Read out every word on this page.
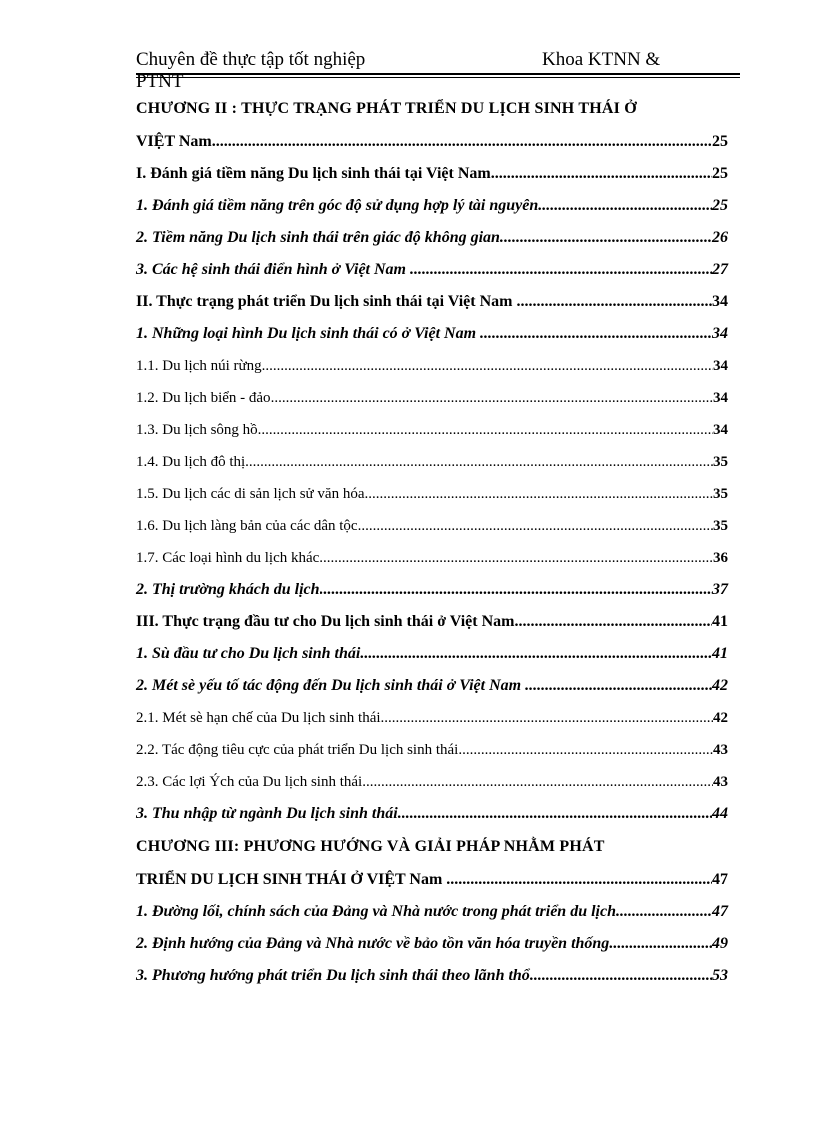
Chuyên đề thực tập tốt nghiệp
PTNT
Khoa KTNN &
CHƯƠNG II : THỰC TRẠNG PHÁT TRIỂN DU LỊCH SINH THÁI Ở
VIỆT Nam .....	25
I. Đánh giá tiềm năng Du lịch sinh thái tại Việt Nam .....	25
1. Đánh giá tiềm năng trên góc độ sử dụng hợp lý tài nguyên. .....	25
2. Tiềm năng Du lịch sinh thái trên giác độ không gian. .....	26
3. Các hệ sinh thái điển hình ở Việt Nam . .....	27
II. Thực trạng phát triển Du lịch sinh thái tại Việt Nam . .....	34
1. Những loại hình Du lịch sinh thái có ở Việt Nam . .....	34
1.1. Du lịch núi rừng .....	34
1.2. Du lịch biển - đảo .....	34
1.3. Du lịch sông hồ .....	34
1.4. Du lịch đô thị .....	35
1.5. Du lịch các di sản lịch sử văn hóa .....	35
1.6. Du lịch làng bản của các dân tộc .....	35
1.7. Các loại hình du lịch khác .....	36
2. Thị trường khách du lịch .....	37
III. Thực trạng đầu tư cho Du lịch sinh thái ở Việt Nam .....	41
1. Sù đầu tư cho Du lịch sinh thái .....	41
2. Mét sè yếu tố tác động đến Du lịch sinh thái ở Việt Nam . .....	42
2.1. Mét sè hạn chế của Du lịch sinh thái. .....	42
2.2. Tác động tiêu cực của phát triển Du lịch sinh thái .....	43
2.3. Các lợi Ých của Du lịch sinh thái .....	43
3. Thu nhập từ ngành Du lịch sinh thái. .....	44
CHƯƠNG III: PHƯƠNG HƯỚNG VÀ GIẢI PHÁP NHẰM PHÁT
TRIỂN DU LỊCH SINH THÁI Ở VIỆT Nam . .....	47
1. Đường lối, chính sách của Đảng và Nhà nước trong phát triển du lịch .....	47
2. Định hướng của Đảng và Nhà nước về bảo tồn văn hóa truyền thống .....	49
3. Phương hướng phát triển Du lịch sinh thái theo lãnh thổ .....	53
